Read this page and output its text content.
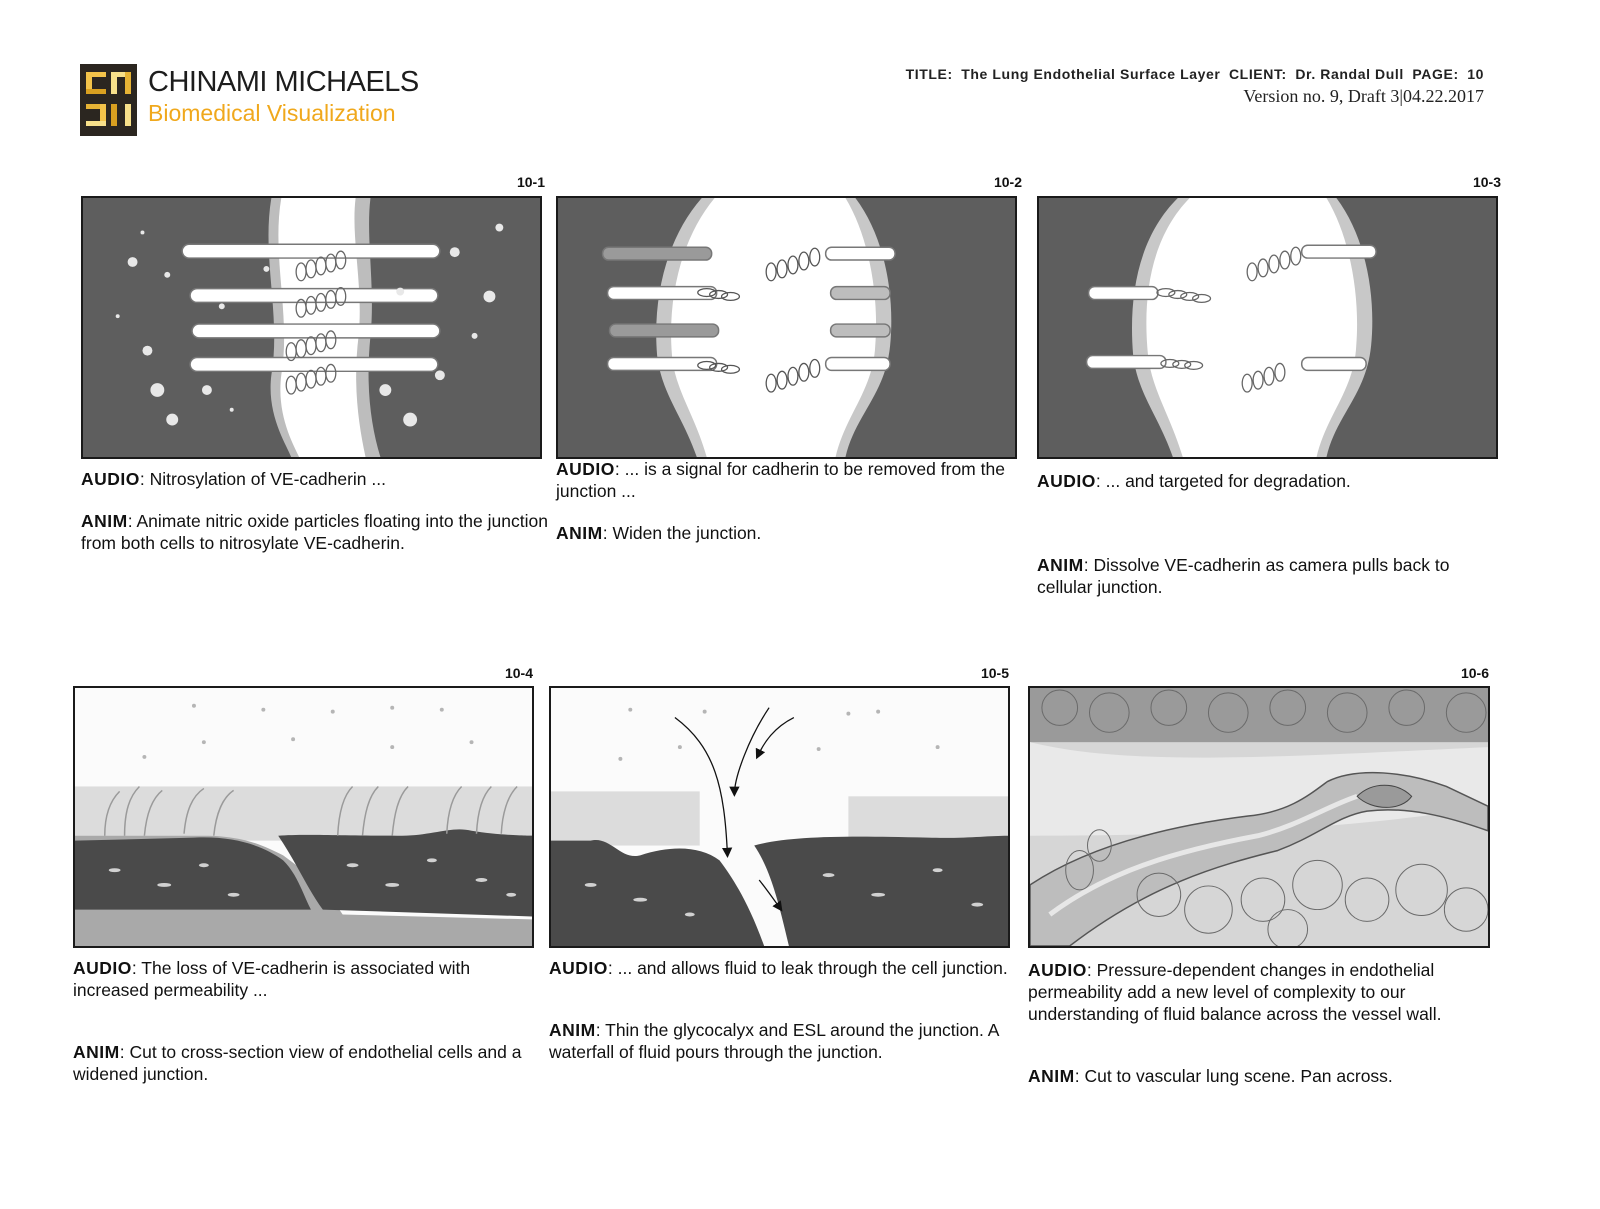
CHINAMI MICHAELS
Biomedical Visualization
TITLE: The Lung Endothelial Surface Layer CLIENT: Dr. Randal Dull PAGE: 10
Version no. 9, Draft 3|04.22.2017
10-1

AUDIO: Nitrosylation of VE-cadherin ...

ANIM: Animate nitric oxide particles floating into the junction from both cells to nitrosylate VE-cadherin.

10-2

AUDIO: ... is a signal for cadherin to be removed from the junction ...

ANIM: Widen the junction.

10-3

AUDIO: ... and targeted for degradation.

ANIM: Dissolve VE-cadherin as camera pulls back to cellular junction.

10-4

AUDIO: The loss of VE-cadherin is associated with increased permeability ...

ANIM: Cut to cross-section view of endothelial cells and a widened junction.

10-5

AUDIO: ... and allows fluid to leak through the cell junction.

ANIM: Thin the glycocalyx and ESL around the junction. A waterfall of fluid pours through the junction.

10-6

AUDIO: Pressure-dependent changes in endothelial permeability add a new level of complexity to our understanding of fluid balance across the vessel wall.

ANIM: Cut to vascular lung scene. Pan across.
